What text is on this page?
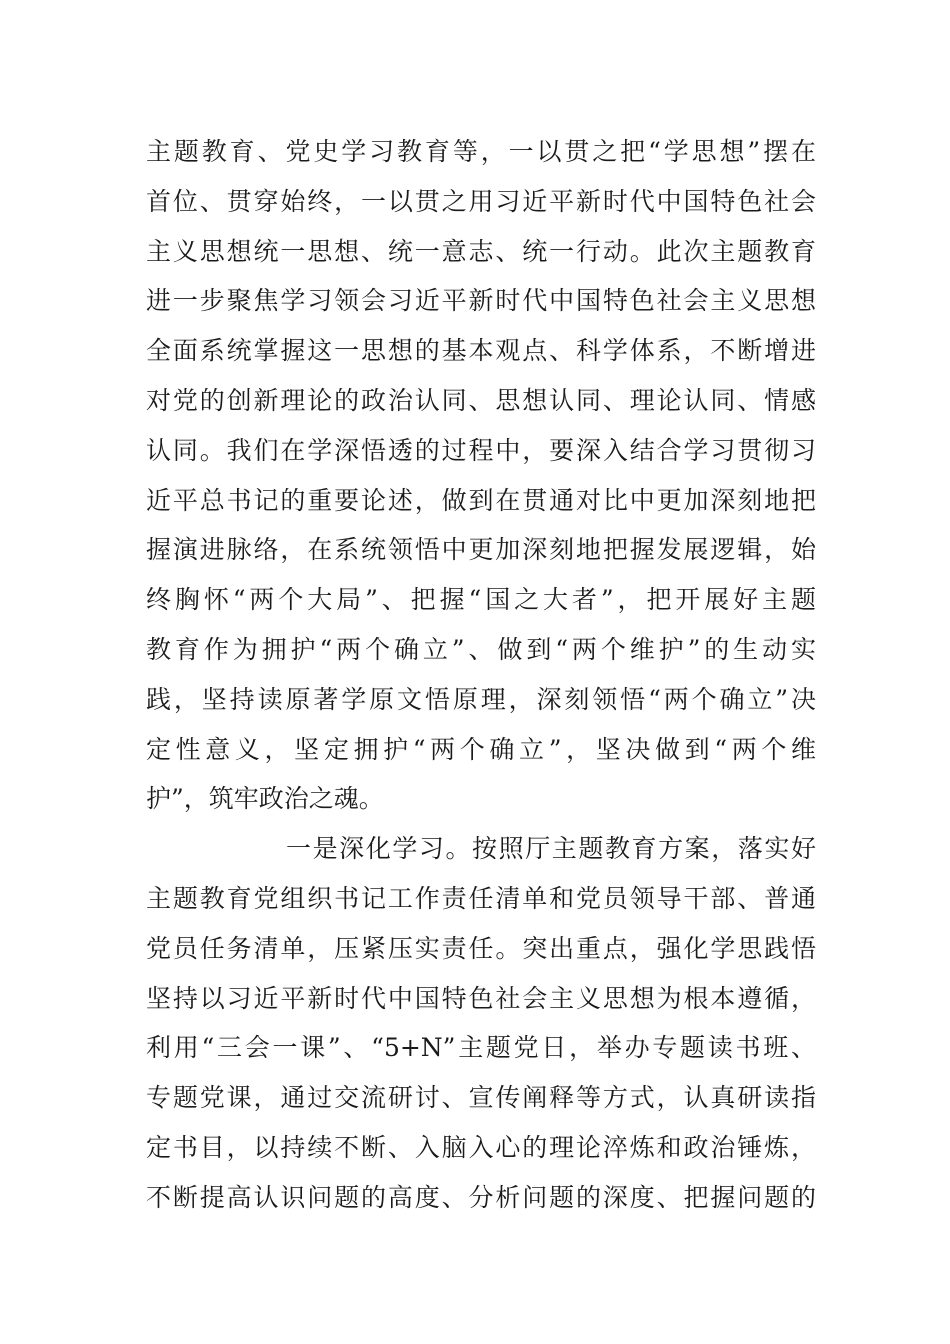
主题教育、党史学习教育等，一以贯之把“学思想”摆在
首位、贯穿始终，一以贯之用习近平新时代中国特色社会
主义思想统一思想、统一意志、统一行动。此次主题教育
进一步聚焦学习领会习近平新时代中国特色社会主义思想
全面系统掌握这一思想的基本观点、科学体系，不断增进
对党的创新理论的政治认同、思想认同、理论认同、情感
认同。我们在学深悟透的过程中，要深入结合学习贯彻习
近平总书记的重要论述，做到在贯通对比中更加深刻地把
握演进脉络，在系统领悟中更加深刻地把握发展逻辑，始
终胸怀“两个大局”、把握“国之大者”，把开展好主题
教育作为拥护“两个确立”、做到“两个维护”的生动实
践，坚持读原著学原文悟原理，深刻领悟“两个确立”决
定性意义，坚定拥护“两个确立”，坚决做到“两个维
护”，筑牢政治之魂。
一是深化学习。按照厅主题教育方案，落实好
主题教育党组织书记工作责任清单和党员领导干部、普通
党员任务清单，压紧压实责任。突出重点，强化学思践悟
坚持以习近平新时代中国特色社会主义思想为根本遵循，
利用“三会一课”、“5+N”主题党日，举办专题读书班、
专题党课，通过交流研讨、宣传阐释等方式，认真研读指
定书目，以持续不断、入脑入心的理论淬炼和政治锤炼，
不断提高认识问题的高度、分析问题的深度、把握问题的
